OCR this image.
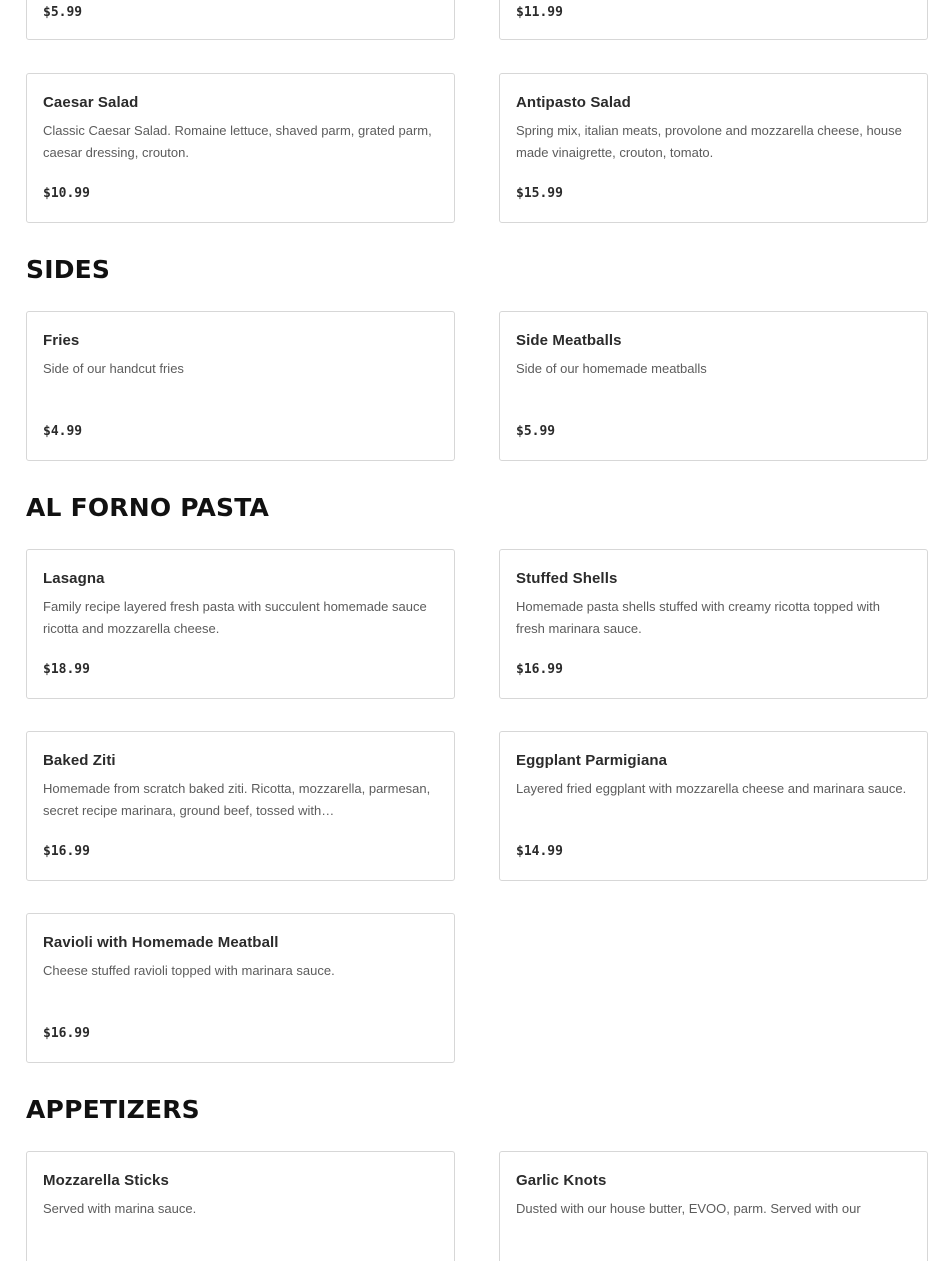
$5.99	$11.99
Caesar Salad
Classic Caesar Salad. Romaine lettuce, shaved parm, grated parm, caesar dressing, crouton.
$10.99
Antipasto Salad
Spring mix, italian meats, provolone and mozzarella cheese, house made vinaigrette, crouton, tomato.
$15.99
SIDES
Fries
Side of our handcut fries
$4.99
Side Meatballs
Side of our homemade meatballs
$5.99
AL FORNO PASTA
Lasagna
Family recipe layered fresh pasta with succulent homemade sauce ricotta and mozzarella cheese.
$18.99
Stuffed Shells
Homemade pasta shells stuffed with creamy ricotta topped with fresh marinara sauce.
$16.99
Baked Ziti
Homemade from scratch baked ziti. Ricotta, mozzarella, parmesan, secret recipe marinara, ground beef, tossed with…
$16.99
Eggplant Parmigiana
Layered fried eggplant with mozzarella cheese and marinara sauce.
$14.99
Ravioli with Homemade Meatball
Cheese stuffed ravioli topped with marinara sauce.
$16.99
APPETIZERS
Mozzarella Sticks
Served with marina sauce.
Garlic Knots
Dusted with our house butter, EVOO, parm. Served with our
